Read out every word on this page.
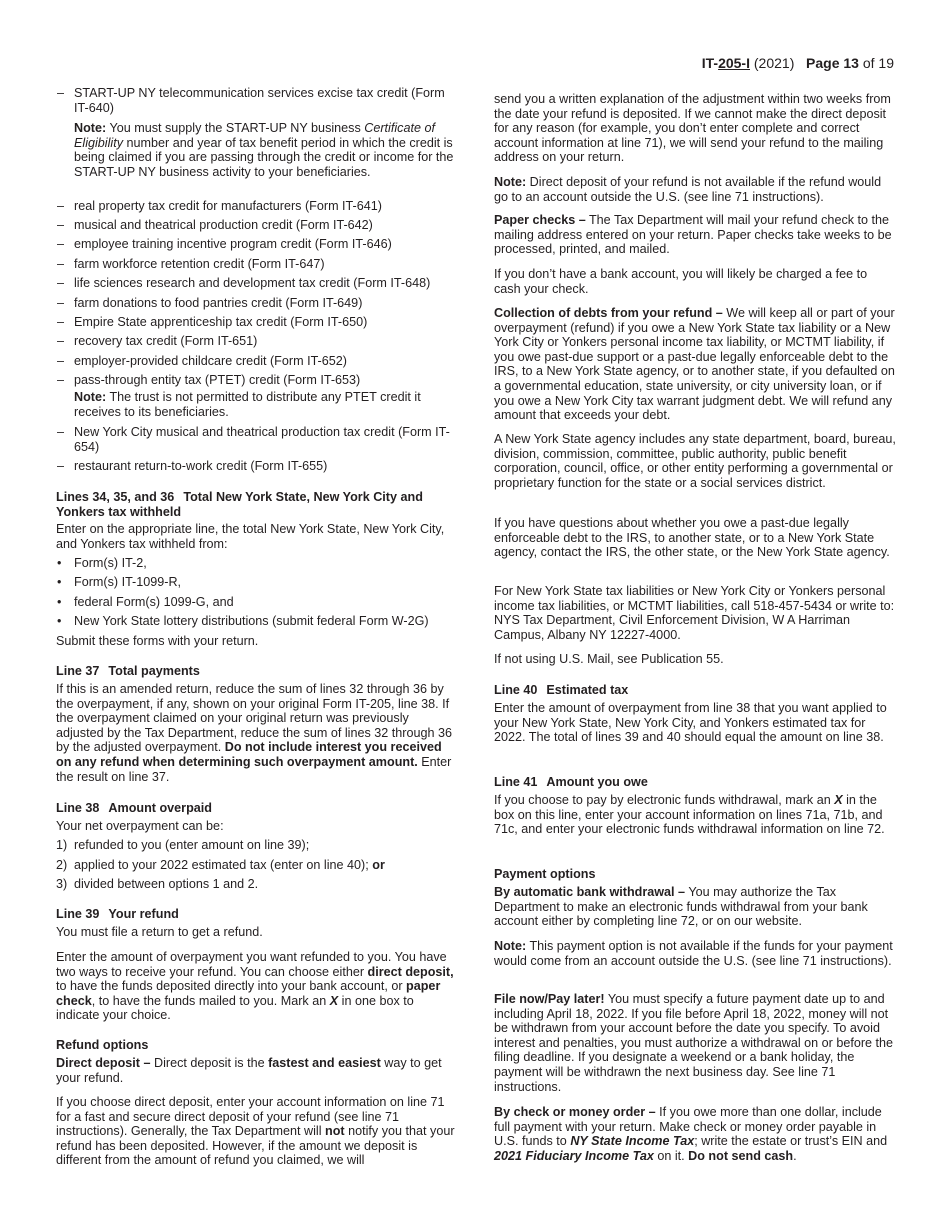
IT-205-I (2021) Page 13 of 19
– START-UP NY telecommunication services excise tax credit (Form IT-640)
Note: You must supply the START-UP NY business Certificate of Eligibility number and year of tax benefit period in which the credit is being claimed if you are passing through the credit or income for the START-UP NY business activity to your beneficiaries.
– real property tax credit for manufacturers (Form IT-641)
– musical and theatrical production credit (Form IT-642)
– employee training incentive program credit (Form IT-646)
– farm workforce retention credit (Form IT-647)
– life sciences research and development tax credit (Form IT-648)
– farm donations to food pantries credit (Form IT-649)
– Empire State apprenticeship tax credit (Form IT-650)
– recovery tax credit (Form IT-651)
– employer-provided childcare credit (Form IT-652)
– pass-through entity tax (PTET) credit (Form IT-653)
Note: The trust is not permitted to distribute any PTET credit it receives to its beneficiaries.
– New York City musical and theatrical production tax credit (Form IT-654)
– restaurant return-to-work credit (Form IT-655)
Lines 34, 35, and 36 Total New York State, New York City and Yonkers tax withheld
Enter on the appropriate line, the total New York State, New York City, and Yonkers tax withheld from:
• Form(s) IT-2,
• Form(s) IT-1099-R,
• federal Form(s) 1099-G, and
• New York State lottery distributions (submit federal Form W-2G)
Submit these forms with your return.
Line 37 Total payments
If this is an amended return, reduce the sum of lines 32 through 36 by the overpayment, if any, shown on your original Form IT-205, line 38. If the overpayment claimed on your original return was previously adjusted by the Tax Department, reduce the sum of lines 32 through 36 by the adjusted overpayment. Do not include interest you received on any refund when determining such overpayment amount. Enter the result on line 37.
Line 38 Amount overpaid
Your net overpayment can be:
1) refunded to you (enter amount on line 39);
2) applied to your 2022 estimated tax (enter on line 40); or
3) divided between options 1 and 2.
Line 39 Your refund
You must file a return to get a refund.
Enter the amount of overpayment you want refunded to you. You have two ways to receive your refund. You can choose either direct deposit, to have the funds deposited directly into your bank account, or paper check, to have the funds mailed to you. Mark an X in one box to indicate your choice.
Refund options
Direct deposit – Direct deposit is the fastest and easiest way to get your refund.
If you choose direct deposit, enter your account information on line 71 for a fast and secure direct deposit of your refund (see line 71 instructions). Generally, the Tax Department will not notify you that your refund has been deposited. However, if the amount we deposit is different from the amount of refund you claimed, we will
send you a written explanation of the adjustment within two weeks from the date your refund is deposited. If we cannot make the direct deposit for any reason (for example, you don’t enter complete and correct account information at line 71), we will send your refund to the mailing address on your return.
Note: Direct deposit of your refund is not available if the refund would go to an account outside the U.S. (see line 71 instructions).
Paper checks – The Tax Department will mail your refund check to the mailing address entered on your return. Paper checks take weeks to be processed, printed, and mailed.
If you don’t have a bank account, you will likely be charged a fee to cash your check.
Collection of debts from your refund – We will keep all or part of your overpayment (refund) if you owe a New York State tax liability or a New York City or Yonkers personal income tax liability, or MCTMT liability, if you owe past-due support or a past-due legally enforceable debt to the IRS, to a New York State agency, or to another state, if you defaulted on a governmental education, state university, or city university loan, or if you owe a New York City tax warrant judgment debt. We will refund any amount that exceeds your debt.
A New York State agency includes any state department, board, bureau, division, commission, committee, public authority, public benefit corporation, council, office, or other entity performing a governmental or proprietary function for the state or a social services district.
If you have questions about whether you owe a past-due legally enforceable debt to the IRS, to another state, or to a New York State agency, contact the IRS, the other state, or the New York State agency.
For New York State tax liabilities or New York City or Yonkers personal income tax liabilities, or MCTMT liabilities, call 518-457-5434 or write to: NYS Tax Department, Civil Enforcement Division, W A Harriman Campus, Albany NY 12227-4000.
If not using U.S. Mail, see Publication 55.
Line 40 Estimated tax
Enter the amount of overpayment from line 38 that you want applied to your New York State, New York City, and Yonkers estimated tax for 2022. The total of lines 39 and 40 should equal the amount on line 38.
Line 41 Amount you owe
If you choose to pay by electronic funds withdrawal, mark an X in the box on this line, enter your account information on lines 71a, 71b, and 71c, and enter your electronic funds withdrawal information on line 72.
Payment options
By automatic bank withdrawal – You may authorize the Tax Department to make an electronic funds withdrawal from your bank account either by completing line 72, or on our website.
Note: This payment option is not available if the funds for your payment would come from an account outside the U.S. (see line 71 instructions).
File now/Pay later! You must specify a future payment date up to and including April 18, 2022. If you file before April 18, 2022, money will not be withdrawn from your account before the date you specify. To avoid interest and penalties, you must authorize a withdrawal on or before the filing deadline. If you designate a weekend or a bank holiday, the payment will be withdrawn the next business day. See line 71 instructions.
By check or money order – If you owe more than one dollar, include full payment with your return. Make check or money order payable in U.S. funds to NY State Income Tax; write the estate or trust’s EIN and 2021 Fiduciary Income Tax on it. Do not send cash.
